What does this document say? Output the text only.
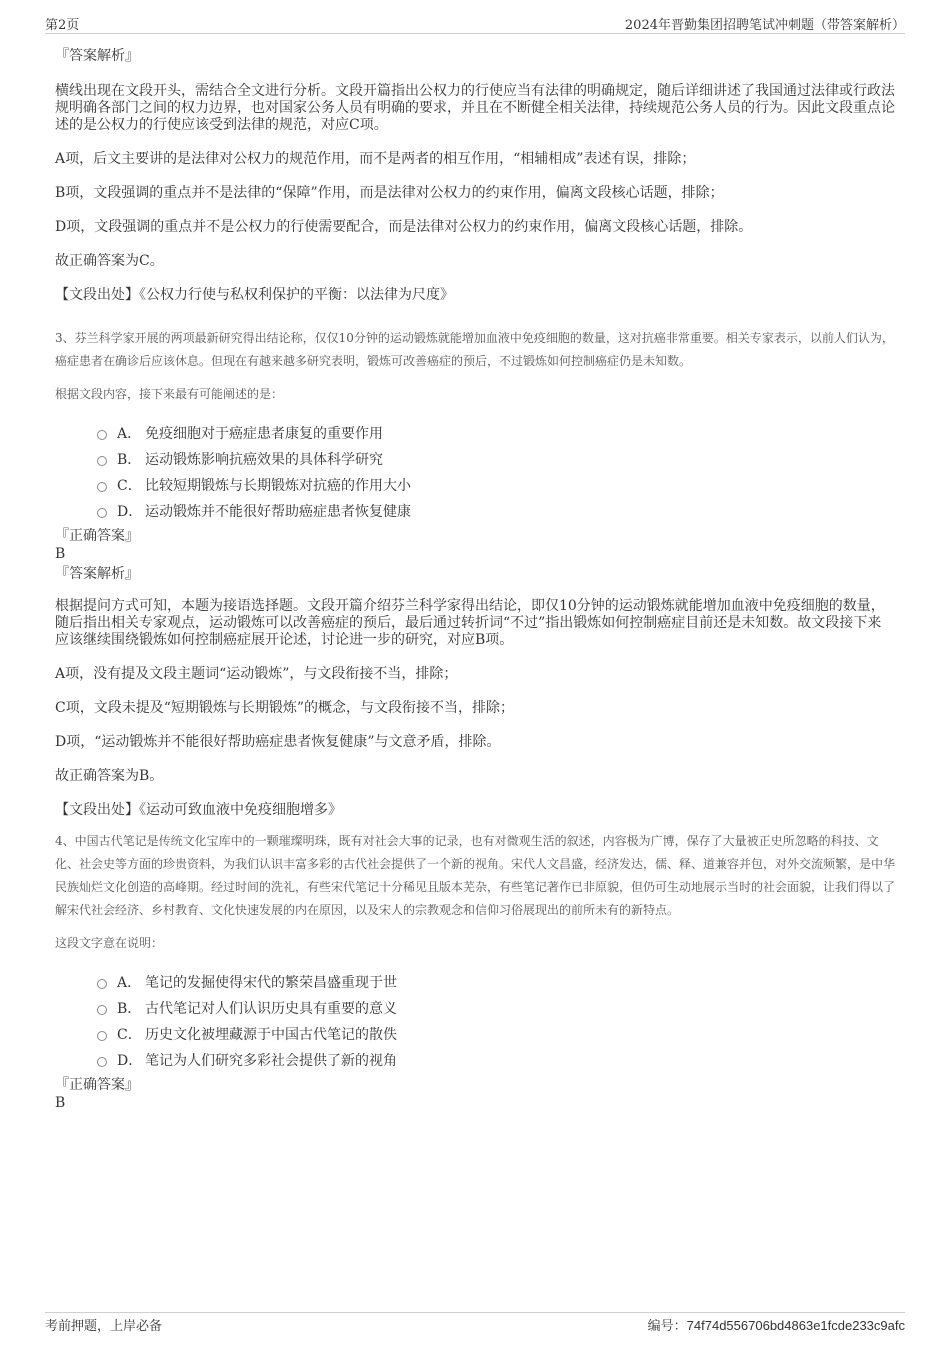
第2页	2024年晋勤集团招聘笔试冲刺题（带答案解析）
『答案解析』
横线出现在文段开头，需结合全文进行分析。文段开篇指出公权力的行使应当有法律的明确规定，随后详细讲述了我国通过法律或行政法规明确各部门之间的权力边界，也对国家公务人员有明确的要求，并且在不断健全相关法律，持续规范公务人员的行为。因此文段重点论述的是公权力的行使应该受到法律的规范，对应C项。
A项，后文主要讲的是法律对公权力的规范作用，而不是两者的相互作用，“相辅相成”表述有误，排除；
B项，文段强调的重点并不是法律的“保障”作用，而是法律对公权力的约束作用，偏离文段核心话题，排除；
D项，文段强调的重点并不是公权力的行使需要配合，而是法律对公权力的约束作用，偏离文段核心话题，排除。
故正确答案为C。
【文段出处】《公权力行使与私权利保护的平衡：以法律为尺度》
3、芬兰科学家开展的两项最新研究得出结论称，仅仅10分钟的运动锻炼就能增加血液中免疫细胞的数量，这对抗癌非常重要。相关专家表示，以前人们认为，癌症患者在确诊后应该休息。但现在有越来越多研究表明，锻炼可改善癌症的预后，不过锻炼如何控制癌症仍是未知数。
根据文段内容，接下来最有可能阐述的是：
A． 免疫细胞对于癌症患者康复的重要作用
B． 运动锻炼影响抗癌效果的具体科学研究
C． 比较短期锻炼与长期锻炼对抗癌的作用大小
D． 运动锻炼并不能很好帮助癌症患者恢复健康
『正确答案』
B
『答案解析』
根据提问方式可知，本题为接语选择题。文段开篇介绍芬兰科学家得出结论，即仅10分钟的运动锻炼就能增加血液中免疫细胞的数量，随后指出相关专家观点，运动锻炼可以改善癌症的预后，最后通过转折词“不过”指出锻炼如何控制癌症目前还是未知数。故文段接下来应该继续围绕锻炼如何控制癌症展开论述，讨论进一步的研究，对应B项。
A项，没有提及文段主题词“运动锻炼”，与文段衔接不当，排除；
C项，文段未提及“短期锻炼与长期锻炼”的概念，与文段衔接不当，排除；
D项，“运动锻炼并不能很好帮助癌症患者恢复健康”与文意矛盾，排除。
故正确答案为B。
【文段出处】《运动可致血液中免疫细胞增多》
4、中国古代笔记是传统文化宝库中的一颗璀璨明珠，既有对社会大事的记录，也有对微观生活的叙述，内容极为广博，保存了大量被正史所忽略的科技、文化、社会史等方面的珍贵资料，为我们认识丰富多彩的古代社会提供了一个新的视角。宋代人文昌盛，经济发达，儒、释、道兼容并包，对外交流频繁，是中华民族灿烂文化创造的高峰期。经过时间的洗礼，有些宋代笔记十分稀见且版本芜杂，有些笔记著作已非原貌，但仍可生动地展示当时的社会面貌，让我们得以了解宋代社会经济、乡村教育、文化快速发展的内在原因，以及宋人的宗教观念和信仰习俗展现出的前所未有的新特点。
这段文字意在说明：
A． 笔记的发掘使得宋代的繁荣昌盛重现于世
B． 古代笔记对人们认识历史具有重要的意义
C． 历史文化被埋藏源于中国古代笔记的散佚
D． 笔记为人们研究多彩社会提供了新的视角
『正确答案』
B
考前押题，上岸必备	编号：74f74d556706bd4863e1fcde233c9afc
